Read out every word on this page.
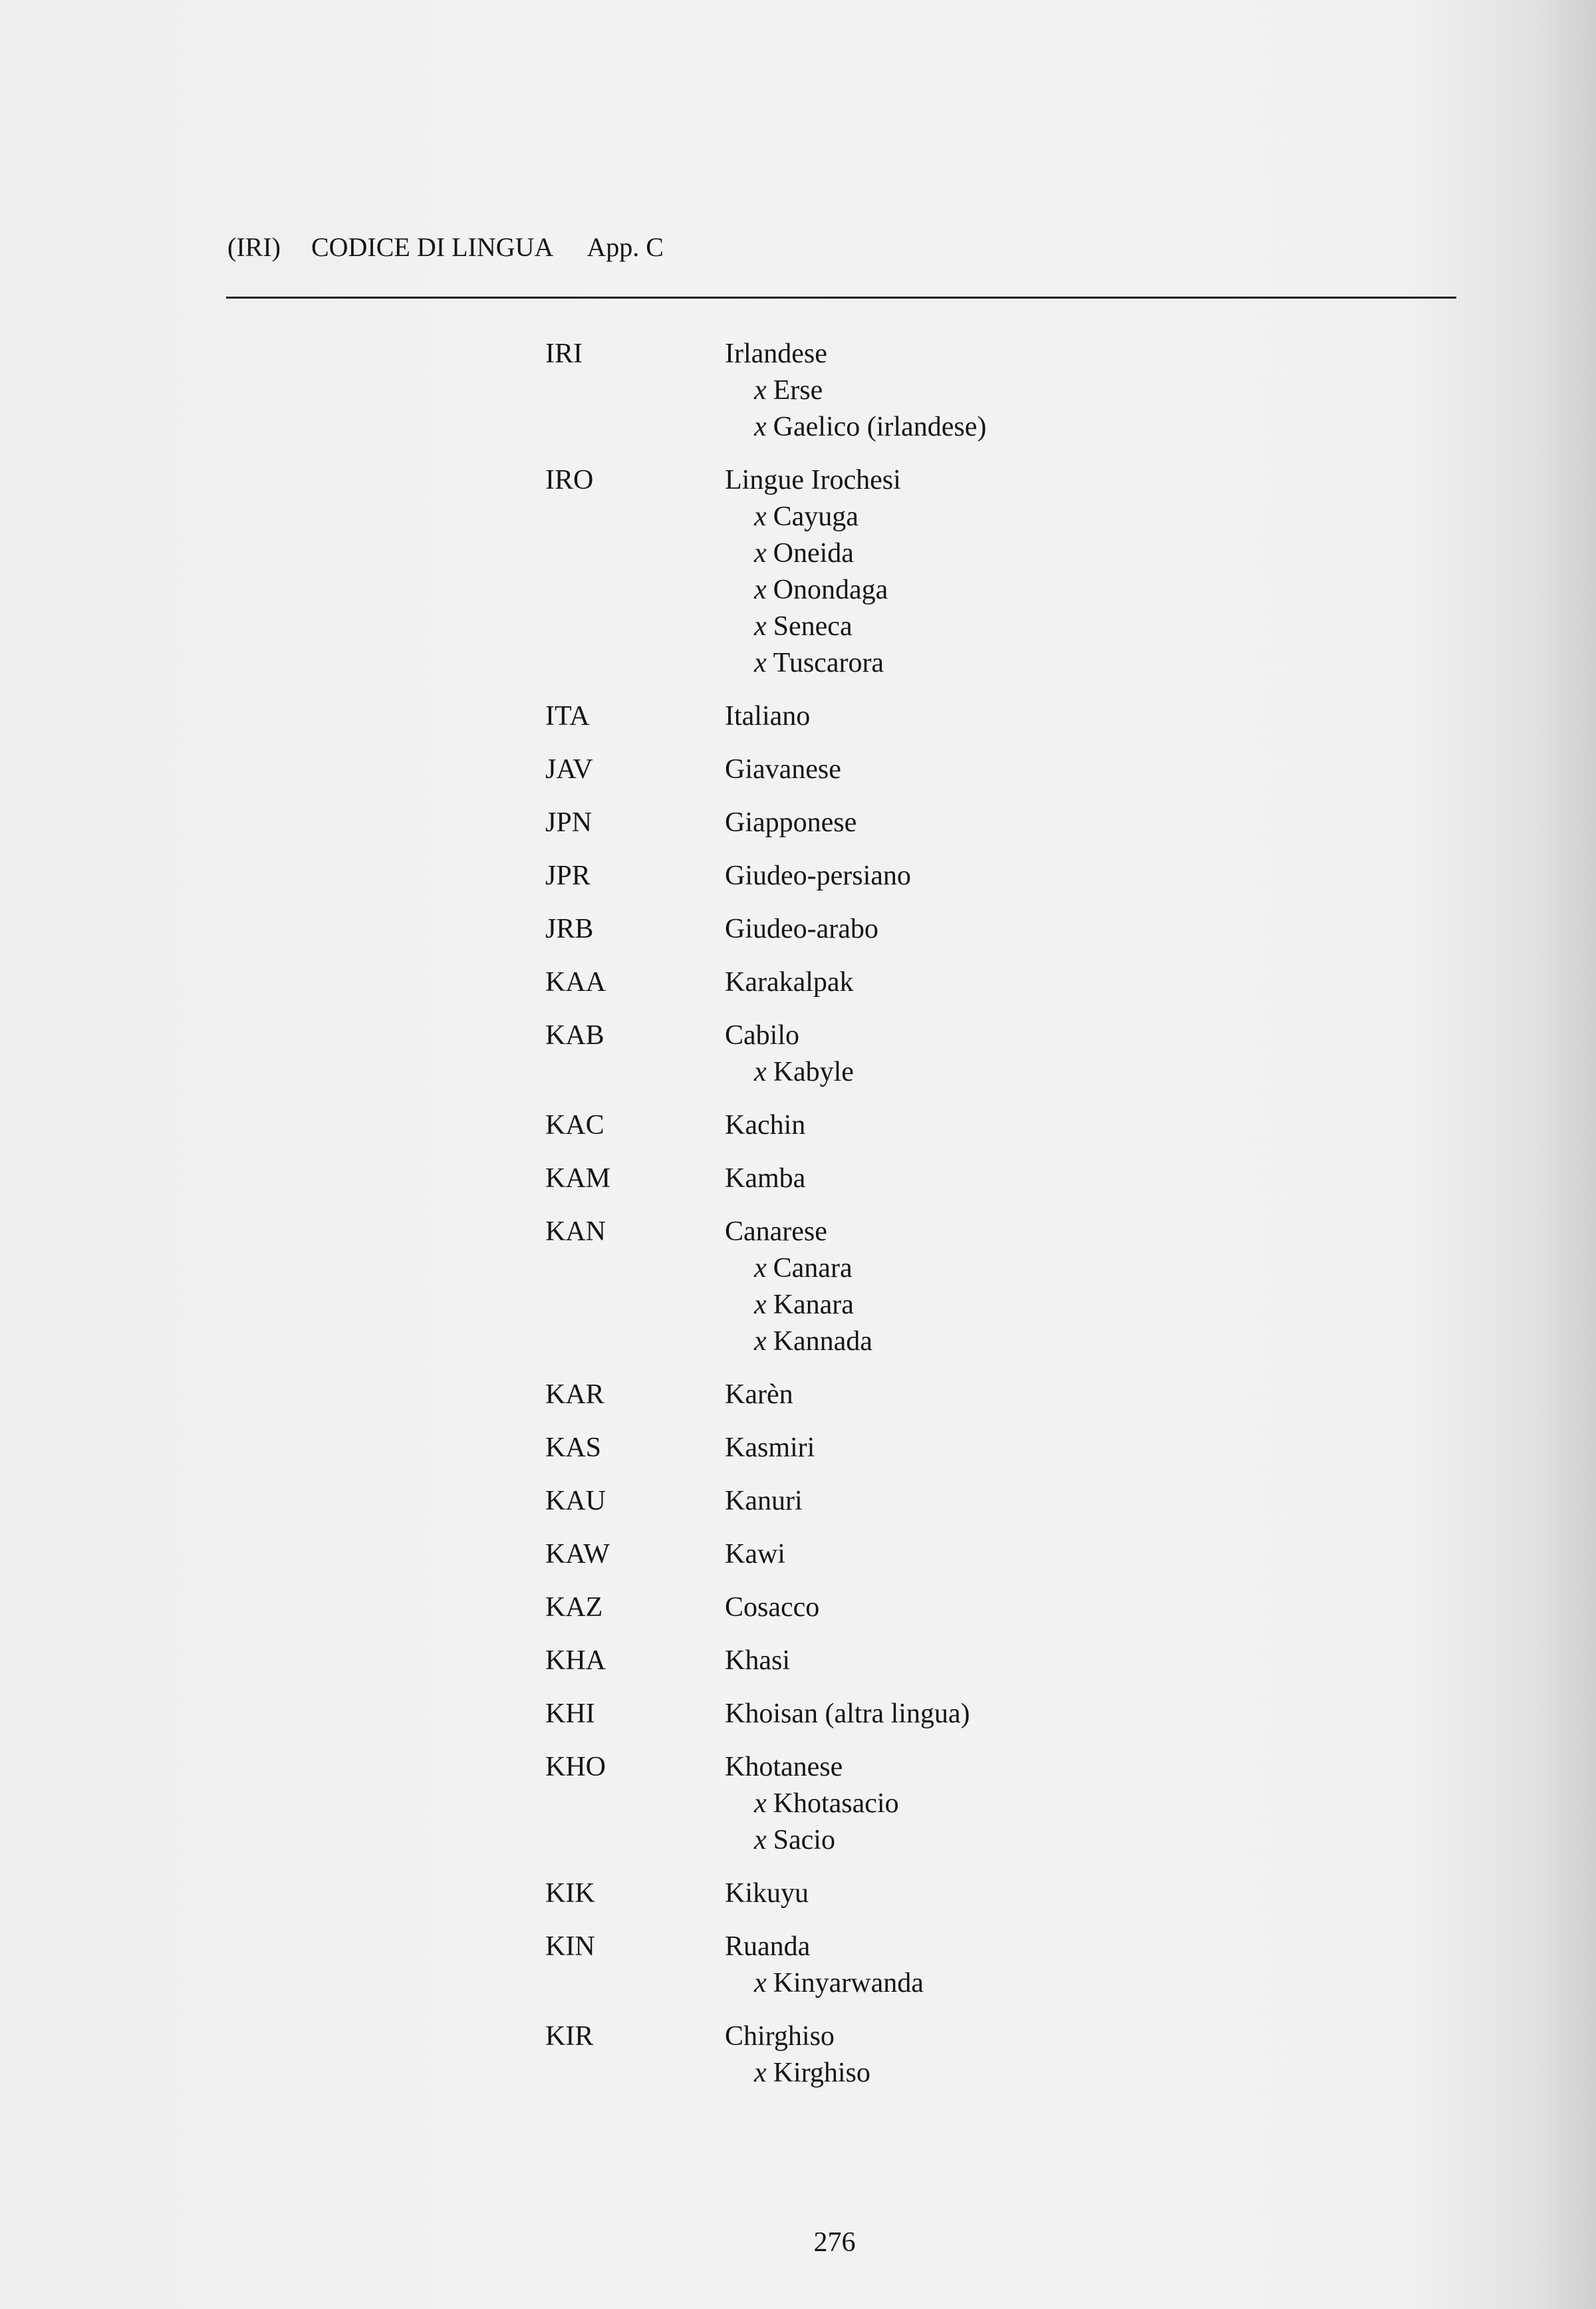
(IRI) CODICE DI LINGUA App. C
IRI	Irlandese
x Erse
x Gaelico (irlandese)
IRO	Lingue Irochesi
x Cayuga
x Oneida
x Onondaga
x Seneca
x Tuscarora
ITA	Italiano
JAV	Giavanese
JPN	Giapponese
JPR	Giudeo-persiano
JRB	Giudeo-arabo
KAA	Karakalpak
KAB	Cabilo
x Kabyle
KAC	Kachin
KAM	Kamba
KAN	Canarese
x Canara
x Kanara
x Kannada
KAR	Karèn
KAS	Kasmiri
KAU	Kanuri
KAW	Kawi
KAZ	Cosacco
KHA	Khasi
KHI	Khoisan (altra lingua)
KHO	Khotanese
x Khotasacio
x Sacio
KIK	Kikuyu
KIN	Ruanda
x Kinyarwanda
KIR	Chirghiso
x Kirghiso
276
